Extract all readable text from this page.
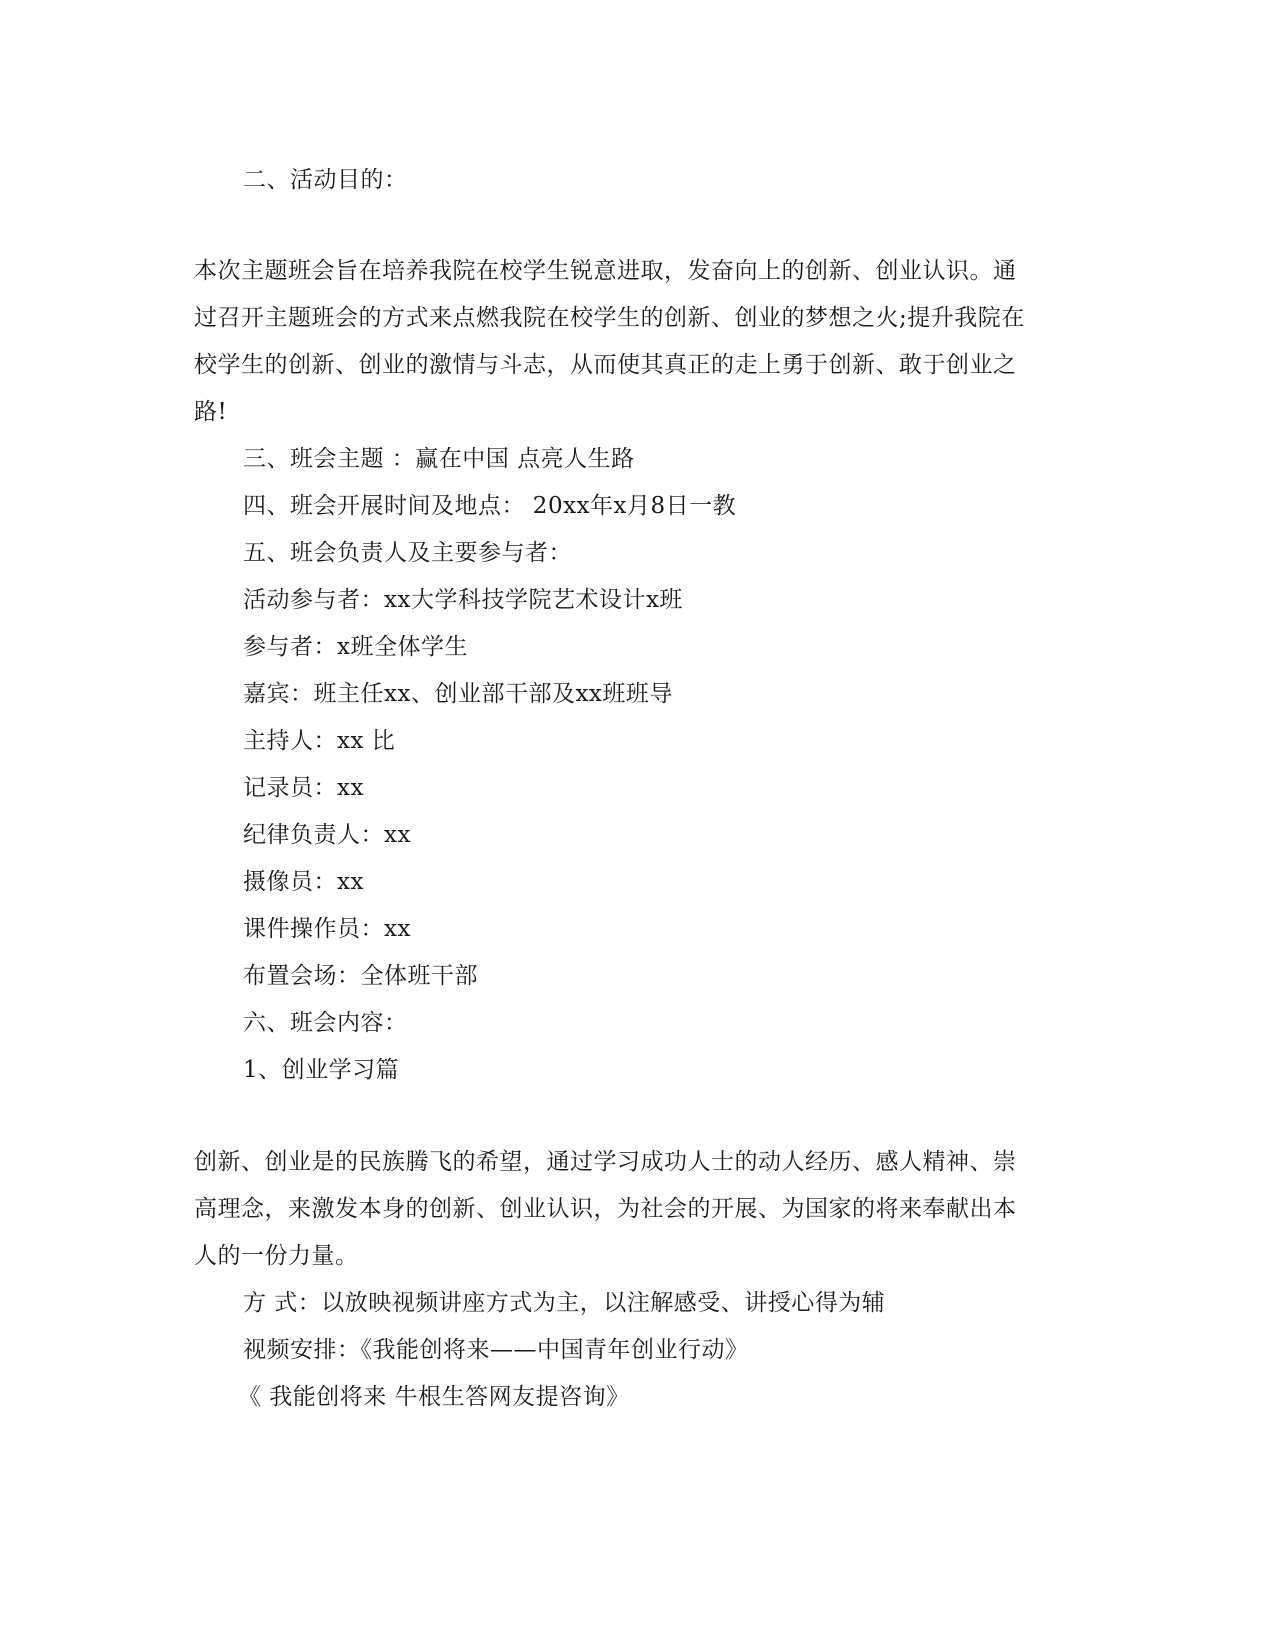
二、活动目的：
本次主题班会旨在培养我院在校学生锐意进取，发奋向上的创新、创业认识。通
过召开主题班会的方式来点燃我院在校学生的创新、创业的梦想之火;提升我院在
校学生的创新、创业的激情与斗志，从而使其真正的走上勇于创新、敢于创业之
路!
三、班会主题 ：赢在中国 点亮人生路
四、班会开展时间及地点： 20xx年x月8日一教
五、班会负责人及主要参与者：
活动参与者：xx大学科技学院艺术设计x班
参与者：x班全体学生
嘉宾：班主任xx、创业部干部及xx班班导
主持人：xx 比
记录员：xx
纪律负责人：xx
摄像员：xx
课件操作员：xx
布置会场：全体班干部
六、班会内容：
1、创业学习篇
创新、创业是的民族腾飞的希望，通过学习成功人士的动人经历、感人精神、崇
高理念，来激发本身的创新、创业认识，为社会的开展、为国家的将来奉献出本
人的一份力量。
方 式：以放映视频讲座方式为主，以注解感受、讲授心得为辅
视频安排：《我能创将来——中国青年创业行动》
《 我能创将来 牛根生答网友提咨询》
